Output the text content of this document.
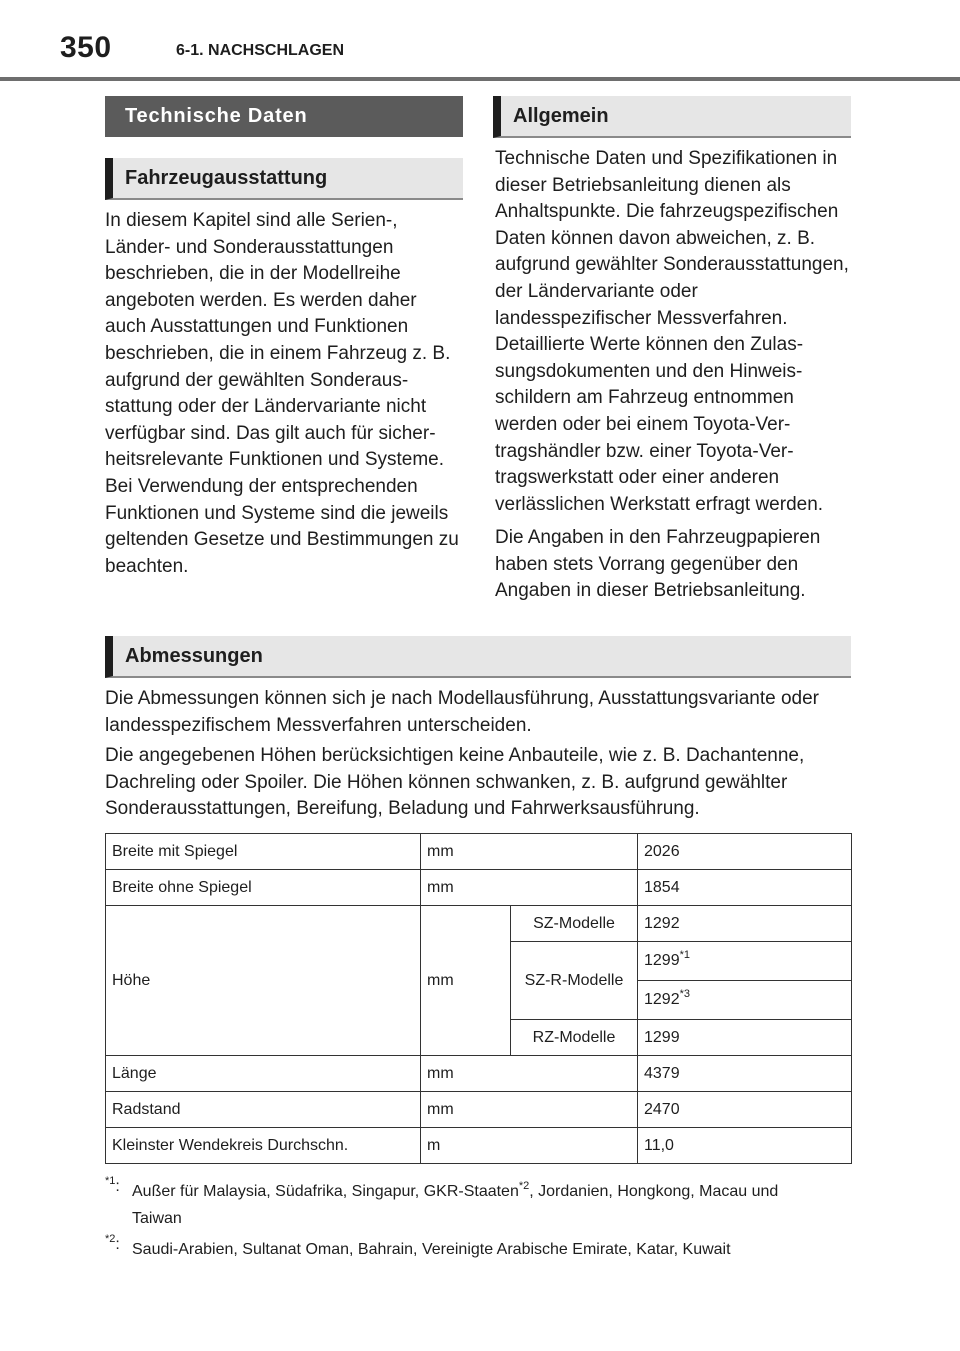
350	6-1. NACHSCHLAGEN
Technische Daten
Fahrzeugausstattung

In diesem Kapitel sind alle Serien-, Länder- und Sonderausstattungen beschrieben, die in der Modellreihe angeboten werden. Es werden daher auch Ausstattungen und Funktionen beschrieben, die in einem Fahrzeug z. B. aufgrund der gewählten Sonderausstattung oder der Ländervariante nicht verfügbar sind. Das gilt auch für sicherheitsrelevante Funktionen und Systeme. Bei Verwendung der entsprechenden Funktionen und Systeme sind die jeweils geltenden Gesetze und Bestimmungen zu beachten.

Allgemein

Technische Daten und Spezifikationen in dieser Betriebsanleitung dienen als Anhaltspunkte. Die fahrzeugspezifischen Daten können davon abweichen, z. B. aufgrund gewählter Sonderausstattungen, der Ländervariante oder landesspezifischer Messverfahren. Detaillierte Werte können den Zulassungsdokumenten und den Hinweisschildern am Fahrzeug entnommen werden oder bei einem Toyota-Vertragshändler bzw. einer Toyota-Vertragswerkstatt oder einer anderen verlässlichen Werkstatt erfragt werden.

Die Angaben in den Fahrzeugpapieren haben stets Vorrang gegenüber den Angaben in dieser Betriebsanleitung.

Abmessungen

Die Abmessungen können sich je nach Modellausführung, Ausstattungsvariante oder landesspezifischem Messverfahren unterscheiden.

Die angegebenen Höhen berücksichtigen keine Anbauteile, wie z. B. Dachantenne, Dachreling oder Spoiler. Die Höhen können schwanken, z. B. aufgrund gewählter Sonderausstattungen, Bereifung, Beladung und Fahrwerksausführung.

Breite mit Spiegel	mm		2026
Breite ohne Spiegel	mm		1854
Höhe	mm	SZ-Modelle	1292
		SZ-R-Modelle	1299$^{*1}$
			1292$^{*3}$
		RZ-Modelle	1299
Länge	mm		4379
Radstand	mm		2470
Kleinster Wendekreis Durchschn.	m		11,0
$^{*1}$: Außer für Malaysia, Südafrika, Singapur, GKR-Staaten$^{*2}$, Jordanien, Hongkong, Macau und Taiwan
$^{*2}$: Saudi-Arabien, Sultanat Oman, Bahrain, Vereinigte Arabische Emirate, Katar, Kuwait
